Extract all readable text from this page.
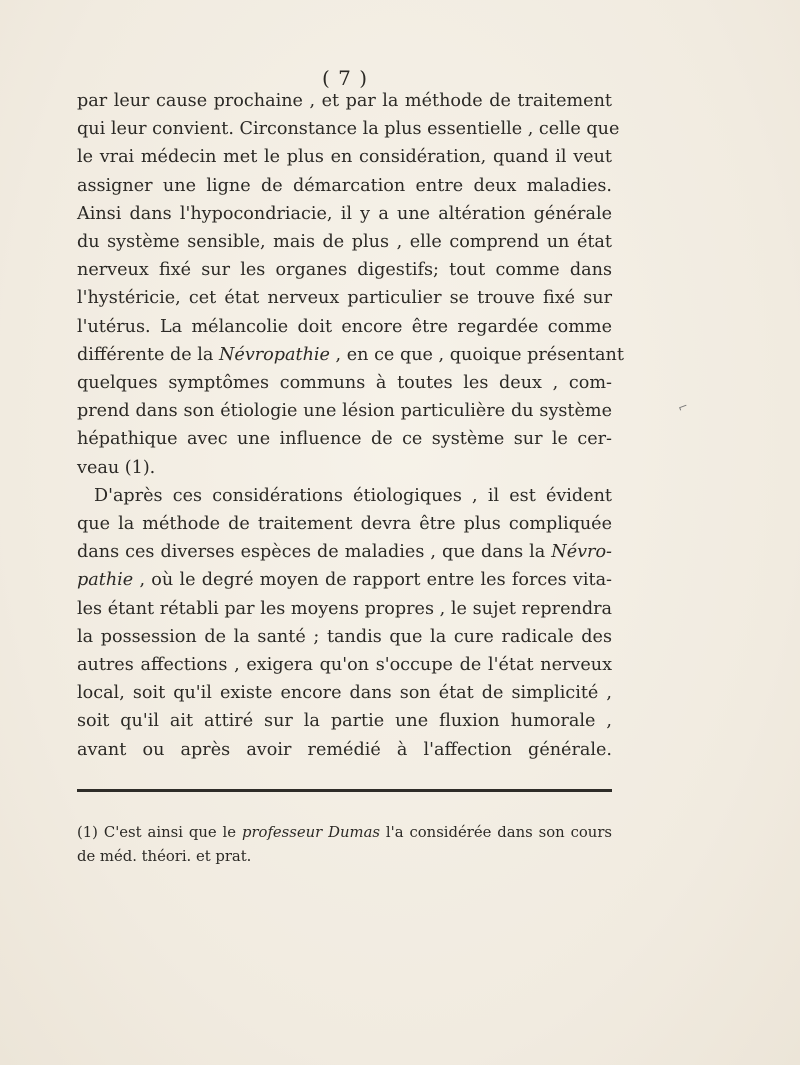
( 7 )
par leur cause prochaine , et par la méthode de traitement
qui leur convient. Circonstance la plus essentielle , celle que
le vrai médecin met le plus en considération, quand il veut
assigner une ligne de démarcation entre deux maladies.
Ainsi dans l'hypocondriacie, il y a une altération générale
du système sensible, mais de plus , elle comprend un état
nerveux fixé sur les organes digestifs; tout comme dans
l'hystéricie, cet état nerveux particulier se trouve fixé sur
l'utérus. La mélancolie doit encore être regardée comme
différente de la Névropathie , en ce que , quoique présentant
quelques symptômes communs à toutes les deux , com-
prend dans son étiologie une lésion particulière du système
hépathique avec une influence de ce système sur le cer-
veau (1).
D'après ces considérations étiologiques , il est évident
que la méthode de traitement devra être plus compliquée
dans ces diverses espèces de maladies , que dans la Névro-
pathie , où le degré moyen de rapport entre les forces vita-
les étant rétabli par les moyens propres , le sujet reprendra
la possession de la santé ; tandis que la cure radicale des
autres affections , exigera qu'on s'occupe de l'état nerveux
local, soit qu'il existe encore dans son état de simplicité ,
soit qu'il ait attiré sur la partie une fluxion humorale ,
avant ou après avoir remédié à l'affection générale.
(1) C'est ainsi que le professeur Dumas l'a considérée dans son cours
de méd. théori. et prat.
⌐
